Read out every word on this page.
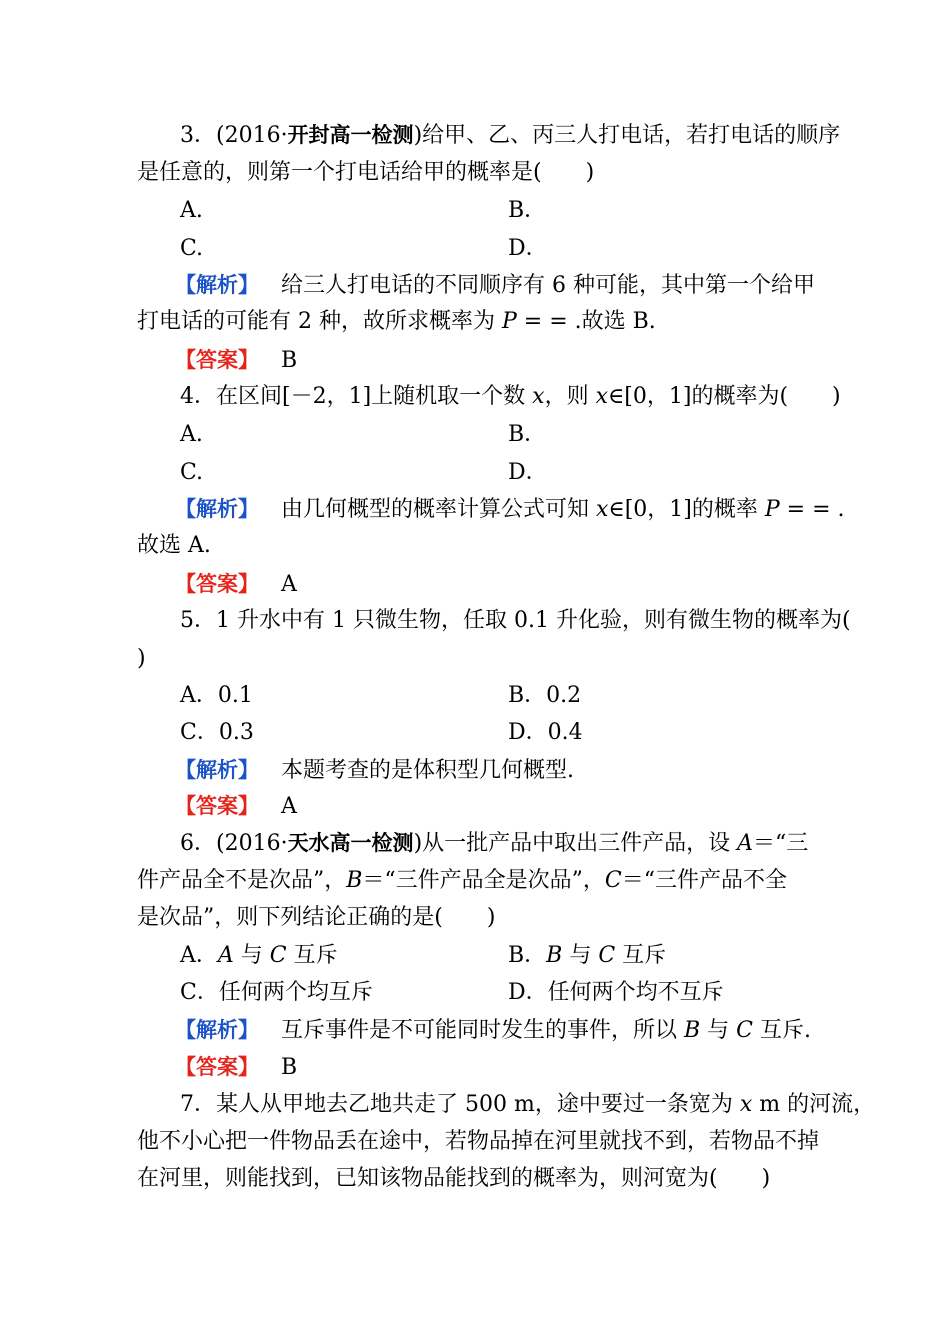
3．(2016·开封高一检测)给甲、乙、丙三人打电话，若打电话的顺序
是任意的，则第一个打电话给甲的概率是(　　)
A.	B．
C.	D．
【解析】 给三人打电话的不同顺序有 6 种可能，其中第一个给甲
打电话的可能有 2 种，故所求概率为 P = = .故选 B.
【答案】 B
4．在区间[－2，1]上随机取一个数 x，则 x∈[0，1]的概率为(　　)
A.	B．
C.	D．
【解析】 由几何概型的概率计算公式可知 x∈[0，1]的概率 P = = .
故选 A.
【答案】 A
5．1 升水中有 1 只微生物，任取 0.1 升化验，则有微生物的概率为(
)
A．0.1	B．0.2
C．0.3	D．0.4
【解析】 本题考查的是体积型几何概型.
【答案】 A
6．(2016·天水高一检测)从一批产品中取出三件产品，设 A＝“三
件产品全不是次品”，B＝“三件产品全是次品”，C＝“三件产品不全
是次品”，则下列结论正确的是(　　)
A．A 与 C 互斥	B．B 与 C 互斥
C．任何两个均互斥	D．任何两个均不互斥
【解析】 互斥事件是不可能同时发生的事件，所以 B 与 C 互斥.
【答案】 B
7．某人从甲地去乙地共走了 500 m，途中要过一条宽为 x m 的河流，
他不小心把一件物品丢在途中，若物品掉在河里就找不到，若物品不掉
在河里，则能找到，已知该物品能找到的概率为，则河宽为(　　)
